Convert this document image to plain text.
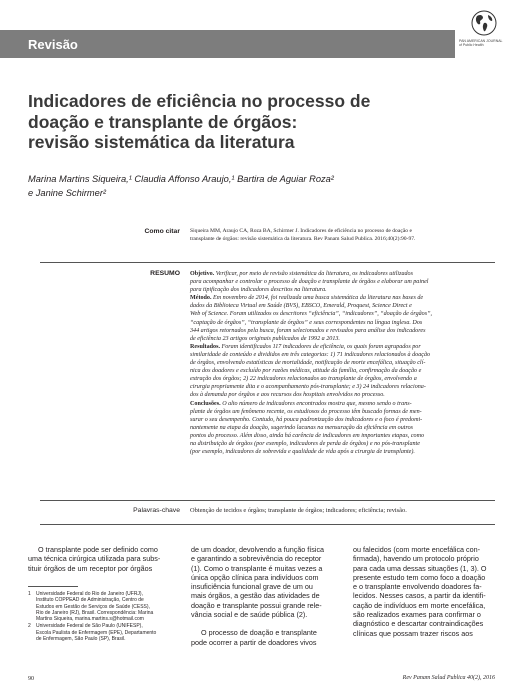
Revisão	PAN AMERICAN JOURNAL
of Public Health
Indicadores de eficiência no processo de
doação e transplante de órgãos:
revisão sistemática da literatura
Marina Martins Siqueira,¹ Claudia Affonso Araujo,¹ Bartira de Aguiar Roza²
e Janine Schirmer²
Como citar Siqueira MM, Araujo CA, Roza BA, Schirmer J. Indicadores de eficiência no processo de doação e
transplante de órgãos: revisão sistemática da literatura. Rev Panam Salud Publica. 2016;40(2):90-97.
RESUMO Objetivo. Verificar, por meio de revisão sistemática da literatura, os indicadores utilizados
para acompanhar e controlar o processo de doação e transplante de órgãos e elaborar um painel
para tipificação dos indicadores descritos na literatura.
Método. Em novembro de 2014, foi realizada uma busca sistemática da literatura nas bases de
dados da Biblioteca Virtual em Saúde (BVS), EBSCO, Emerald, Proquest, Science Direct e
Web of Science. Foram utilizados os descritores “eficiência”, “indicadores”, “doação de órgãos”,
“captação de órgãos”, “transplante de órgãos” e seus correspondentes na língua inglesa. Dos
344 artigos retornados pela busca, foram selecionados e revisados para análise dos indicadores
de eficiência 23 artigos originais publicados de 1992 a 2013.
Resultados. Foram identificados 117 indicadores de eficiência, os quais foram agrupados por
similaridade de conteúdo e divididos em três categorias: 1) 71 indicadores relacionados à doação
de órgãos, envolvendo estatísticas de mortalidade, notificação de morte encefálica, situação clí-
nica dos doadores e excluído por razões médicas, atitude da família, confirmação da doação e
extração dos órgãos; 2) 22 indicadores relacionados ao transplante de órgãos, envolvendo a
cirurgia propriamente dita e o acompanhamento pós-transplante; e 3) 24 indicadores relaciona-
dos à demanda por órgãos e aos recursos dos hospitais envolvidos no processo.
Conclusões. O alto número de indicadores encontrados mostra que, mesmo sendo o trans-
plante de órgãos um fenômeno recente, os estudiosos do processo têm buscado formas de men-
surar o seu desempenho. Contudo, há pouca padronização dos indicadores e o foco é predomi-
nantemente na etapa da doação, sugerindo lacunas na mensuração da eficiência em outros
pontos do processo. Além disso, ainda há carência de indicadores em importantes etapas, como
na distribuição de órgãos (por exemplo, indicadores de perda de órgãos) e no pós-transplante
(por exemplo, indicadores de sobrevida e qualidade de vida após a cirurgia de transplante).
Palavras-chave Obtenção de tecidos e órgãos; transplante de órgãos; indicadores; eficiência; revisão.
O transplante pode ser definido como
uma técnica cirúrgica utilizada para subs-
tituir órgãos de um receptor por órgãos
de um doador, devolvendo a função física
e garantindo a sobrevivência do receptor
(1). Como o transplante é muitas vezes a
única opção clínica para indivíduos com
insuficiência funcional grave de um ou
mais órgãos, a gestão das atividades de
doação e transplante possui grande rele-
vância social e de saúde pública (2).
O processo de doação e transplante
pode ocorrer a partir de doadores vivos
ou falecidos (com morte encefálica con-
firmada), havendo um protocolo próprio
para cada uma dessas situações (1, 3). O
presente estudo tem como foco a doação
e o transplante envolvendo doadores fa-
lecidos. Nesses casos, a partir da identifi-
cação de indivíduos em morte encefálica,
são realizados exames para confirmar o
diagnóstico e descartar contraindicações
clínicas que possam trazer riscos aos
1 Universidade Federal do Rio de Janeiro (UFRJ),
Instituto COPPEAD de Administração, Centro de
Estudos em Gestão de Serviços de Saúde (CESS),
Rio de Janeiro (RJ), Brasil. Correspondência: Marina
Martins Siqueira, marina.martins.s@hotmail.com
2 Universidade Federal de São Paulo (UNIFESP),
Escola Paulista de Enfermagem (EPE), Departamento
de Enfermagem, São Paulo (SP), Brasil.
90	Rev Panam Salud Publica 40(2), 2016
